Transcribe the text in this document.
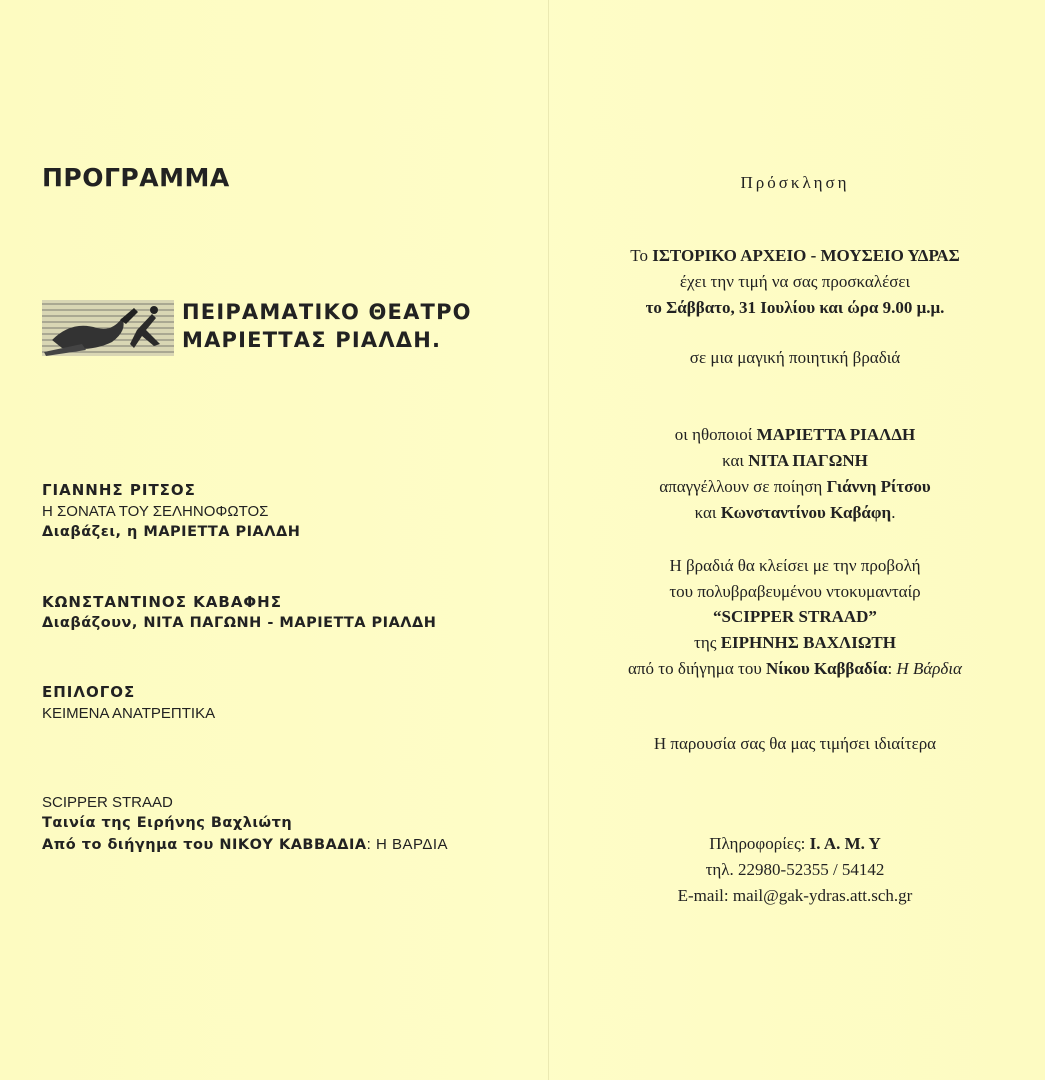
ΠΡΟΓΡΑΜΜΑ
ΠΕΙΡΑΜΑΤΙΚΟ ΘΕΑΤΡΟ
ΜΑΡΙΕΤΤΑΣ ΡΙΑΛΔΗ.
ΓΙΑΝΝΗΣ ΡΙΤΣΟΣ
Η ΣΟΝΑΤΑ ΤΟΥ ΣΕΛΗΝΟΦΩΤΟΣ
Διαβάζει, η ΜΑΡΙΕΤΤΑ ΡΙΑΛΔΗ
ΚΩΝΣΤΑΝΤΙΝΟΣ ΚΑΒΑΦΗΣ
Διαβάζουν, ΝΙΤΑ ΠΑΓΩΝΗ - ΜΑΡΙΕΤΤΑ ΡΙΑΛΔΗ
ΕΠΙΛΟΓΟΣ
ΚΕΙΜΕΝΑ ΑΝΑΤΡΕΠΤΙΚΑ
SCIPPER STRAAD
Ταινία της Ειρήνης Βαχλιώτη
Από το διήγημα του ΝΙΚΟΥ ΚΑΒΒΑΔΙΑ: Η ΒΑΡΔΙΑ
Πρόσκληση
Το ΙΣΤΟΡΙΚΟ ΑΡΧΕΙΟ - ΜΟΥΣΕΙΟ ΥΔΡΑΣ
έχει την τιμή να σας προσκαλέσει
το Σάββατο, 31 Ιουλίου και ώρα 9.00 μ.μ.
σε μια μαγική ποιητική βραδιά
οι ηθοποιοί ΜΑΡΙΕΤΤΑ ΡΙΑΛΔΗ
και ΝΙΤΑ ΠΑΓΩΝΗ
απαγγέλλουν σε ποίηση Γιάννη Ρίτσου
και Κωνσταντίνου Καβάφη.
Η βραδιά θα κλείσει με την προβολή
του πολυβραβευμένου ντοκυμανταίρ
“SCIPPER STRAAD”
της ΕΙΡΗΝΗΣ ΒΑΧΛΙΩΤΗ
από το διήγημα του Νίκου Καββαδία: Η Βάρδια
Η παρουσία σας θα μας τιμήσει ιδιαίτερα
Πληροφορίες: Ι. Α. Μ. Υ
τηλ. 22980-52355 / 54142
E-mail: mail@gak-ydras.att.sch.gr
